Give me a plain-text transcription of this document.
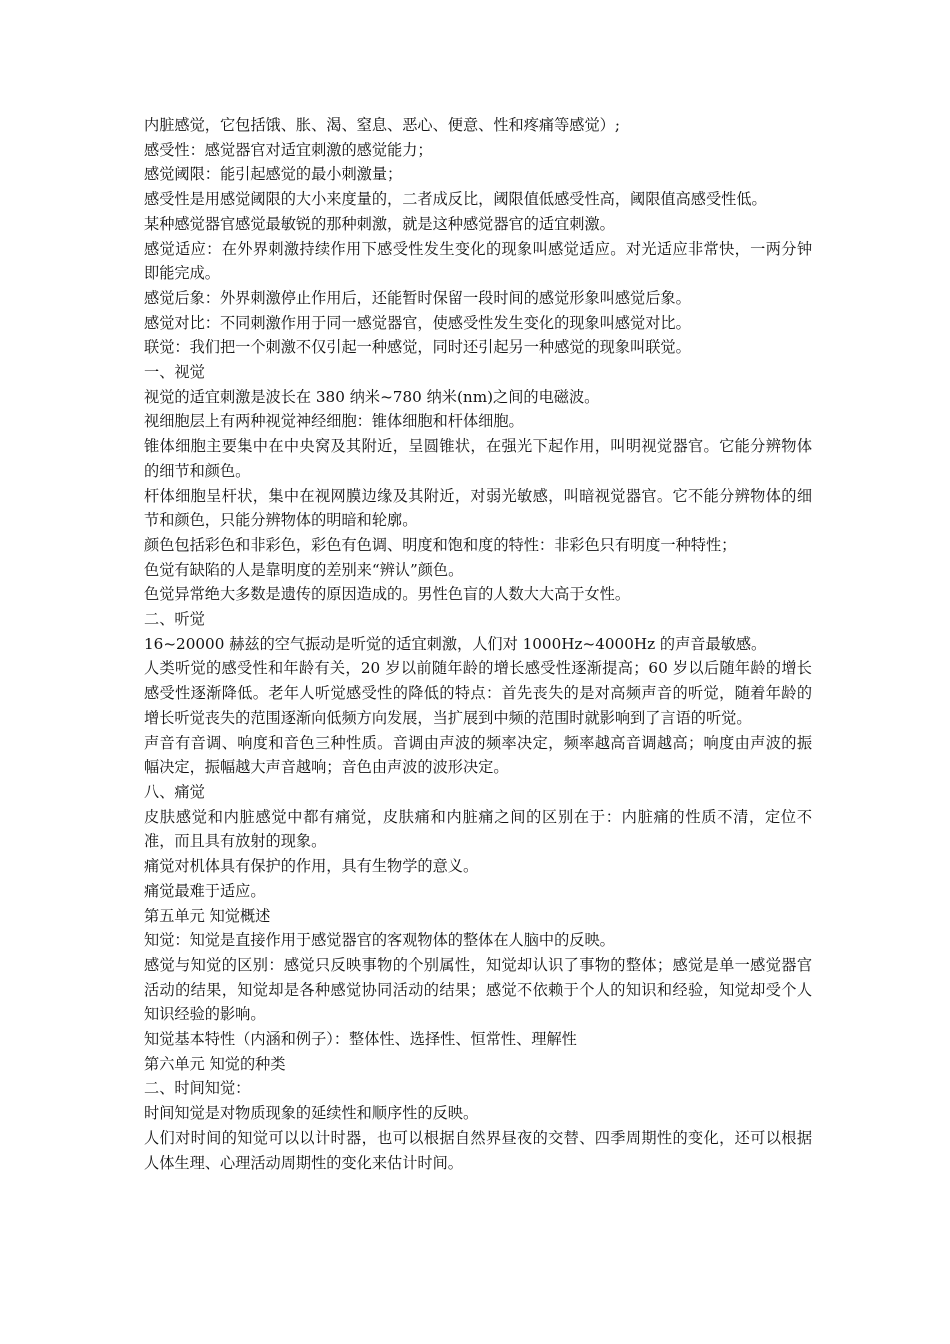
内脏感觉，它包括饿、胀、渴、窒息、恶心、便意、性和疼痛等感觉）;

感受性：感觉器官对适宜刺激的感觉能力；

感觉阈限：能引起感觉的最小刺激量；

感受性是用感觉阈限的大小来度量的，二者成反比，阈限值低感受性高，阈限值高感受性低。

某种感觉器官感觉最敏锐的那种刺激，就是这种感觉器官的适宜刺激。

感觉适应：在外界刺激持续作用下感受性发生变化的现象叫感觉适应。对光适应非常快，一两分钟即能完成。

感觉后象：外界刺激停止作用后，还能暂时保留一段时间的感觉形象叫感觉后象。

感觉对比：不同刺激作用于同一感觉器官，使感受性发生变化的现象叫感觉对比。

联觉：我们把一个刺激不仅引起一种感觉，同时还引起另一种感觉的现象叫联觉。

一、视觉

视觉的适宜刺激是波长在 380 纳米~780 纳米(nm)之间的电磁波。

视细胞层上有两种视觉神经细胞：锥体细胞和杆体细胞。

锥体细胞主要集中在中央窝及其附近，呈圆锥状，在强光下起作用，叫明视觉器官。它能分辨物体的细节和颜色。

杆体细胞呈杆状，集中在视网膜边缘及其附近，对弱光敏感，叫暗视觉器官。它不能分辨物体的细节和颜色，只能分辨物体的明暗和轮廓。

颜色包括彩色和非彩色，彩色有色调、明度和饱和度的特性：非彩色只有明度一种特性；

色觉有缺陷的人是靠明度的差别来“辨认”颜色。

色觉异常绝大多数是遗传的原因造成的。男性色盲的人数大大高于女性。

二、听觉

16~20000 赫兹的空气振动是听觉的适宜刺激，人们对 1000Hz~4000Hz 的声音最敏感。

人类听觉的感受性和年龄有关，20 岁以前随年龄的增长感受性逐渐提高；60 岁以后随年龄的增长感受性逐渐降低。老年人听觉感受性的降低的特点：首先丧失的是对高频声音的听觉，随着年龄的增长听觉丧失的范围逐渐向低频方向发展，当扩展到中频的范围时就影响到了言语的听觉。

声音有音调、响度和音色三种性质。音调由声波的频率决定，频率越高音调越高；响度由声波的振幅决定，振幅越大声音越响；音色由声波的波形决定。

八、痛觉

皮肤感觉和内脏感觉中都有痛觉，皮肤痛和内脏痛之间的区别在于：内脏痛的性质不清，定位不准，而且具有放射的现象。

痛觉对机体具有保护的作用，具有生物学的意义。

痛觉最难于适应。

第五单元 知觉概述

知觉：知觉是直接作用于感觉器官的客观物体的整体在人脑中的反映。

感觉与知觉的区别：感觉只反映事物的个别属性，知觉却认识了事物的整体；感觉是单一感觉器官活动的结果，知觉却是各种感觉协同活动的结果；感觉不依赖于个人的知识和经验，知觉却受个人知识经验的影响。

知觉基本特性（内涵和例子）：整体性、选择性、恒常性、理解性

第六单元 知觉的种类

二、时间知觉：

时间知觉是对物质现象的延续性和顺序性的反映。

人们对时间的知觉可以以计时器，也可以根据自然界昼夜的交替、四季周期性的变化，还可以根据人体生理、心理活动周期性的变化来估计时间。
